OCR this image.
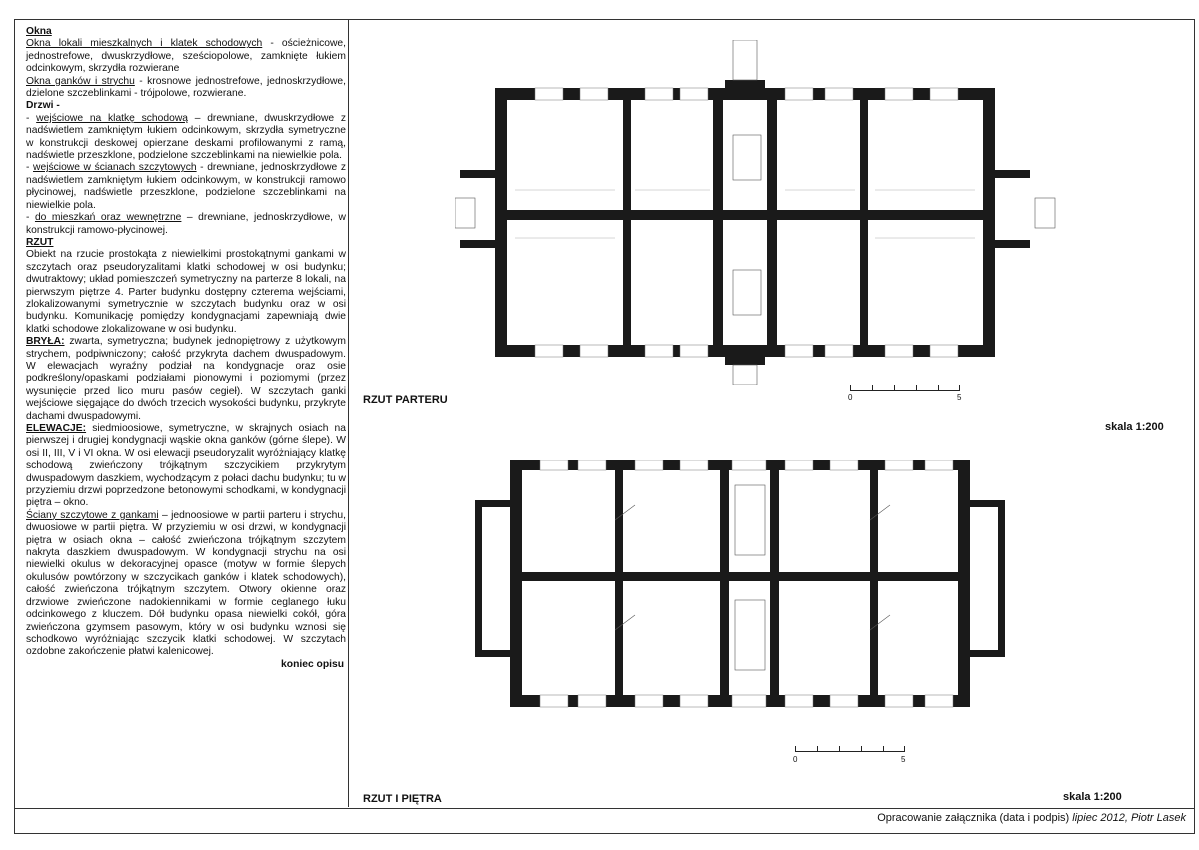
Okna

Okna lokali mieszkalnych i klatek schodowych - ościeżnicowe, jednostrefowe, dwuskrzydłowe, sześciopolowe, zamknięte łukiem odcinkowym, skrzydła rozwierane

Okna ganków i strychu - krosnowe jednostrefowe, jednoskrzydłowe, dzielone szczeblinkami - trójpolowe, rozwierane.

Drzwi -

- wejściowe na klatkę schodową – drewniane, dwuskrzydłowe z nadświetlem zamkniętym łukiem odcinkowym, skrzydła symetryczne w konstrukcji deskowej opierzane deskami profilowanymi z ramą, nadświetle przeszklone, podzielone szczeblinkami na niewielkie pola.

- wejściowe w ścianach szczytowych - drewniane, jednoskrzydłowe z nadświetlem zamkniętym łukiem odcinkowym, w konstrukcji ramowo płycinowej, nadświetle przeszklone, podzielone szczeblinkami na niewielkie pola.

- do mieszkań oraz wewnętrzne – drewniane, jednoskrzydłowe, w konstrukcji ramowo-płycinowej.

RZUT

Obiekt na rzucie prostokąta z niewielkimi prostokątnymi gankami w szczytach oraz pseudoryzalitami klatki schodowej w osi budynku; dwutraktowy; układ pomieszczeń symetryczny na parterze 8 lokali, na pierwszym piętrze 4. Parter budynku dostępny czterema wejściami, zlokalizowanymi symetrycznie w szczytach budynku oraz w osi budynku. Komunikację pomiędzy kondygnacjami zapewniają dwie klatki schodowe zlokalizowane w osi budynku.

BRYŁA: zwarta, symetryczna; budynek jednopiętrowy z użytkowym strychem, podpiwniczony; całość przykryta dachem dwuspadowym. W elewacjach wyraźny podział na kondygnacje oraz osie podkreślony/opaskami podziałami pionowymi i poziomymi (przez wysunięcie przed lico muru pasów cegieł). W szczytach ganki wejściowe sięgające do dwóch trzecich wysokości budynku, przykryte dachami dwuspadowymi.

ELEWACJE: siedmioosiowe, symetryczne, w skrajnych osiach na pierwszej i drugiej kondygnacji wąskie okna ganków (górne ślepe). W osi II, III, V i VI okna. W osi elewacji pseudoryzalit wyróżniający klatkę schodową zwieńczony trójkątnym szczycikiem przykrytym dwuspadowym daszkiem, wychodzącym z połaci dachu budynku; tu w przyziemiu drzwi poprzedzone betonowymi schodkami, w kondygnacji piętra – okno.

Ściany szczytowe z gankami – jednoosiowe w partii parteru i strychu, dwuosiowe w partii piętra. W przyziemiu w osi drzwi, w kondygnacji piętra w osiach okna – całość zwieńczona trójkątnym szczytem nakryta daszkiem dwuspadowym. W kondygnacji strychu na osi niewielki okulus w dekoracyjnej opasce (motyw w formie ślepych okulusów powtórzony w szczycikach ganków i klatek schodowych), całość zwieńczona trójkątnym szczytem. Otwory okienne oraz drzwiowe zwieńczone nadokiennikami w formie ceglanego łuku odcinkowego z kluczem. Dół budynku opasa niewielki cokół, góra zwieńczona gzymsem pasowym, który w osi budynku wznosi się schodkowo wyróżniając szczycik klatki schodowej. W szczytach ozdobne zakończenie płatwi kalenicowej.

koniec opisu

RZUT PARTERU
skala 1:200
0	5
RZUT I PIĘTRA	skala 1:200
0	5
Opracowanie załącznika (data i podpis) lipiec 2012, Piotr Lasek
